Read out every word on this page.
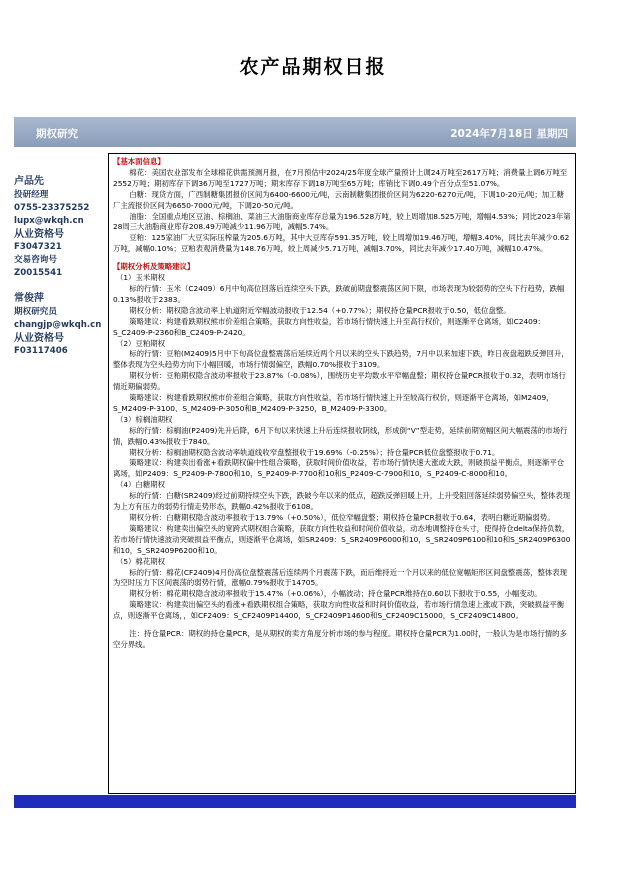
农产品期权日报
期权研究	2024年7月18日 星期四
卢品先
投研经理
0755-23375252
lupx@wkqh.cn
从业资格号
F3047321
交易咨询号
Z0015541
常俊萍
期权研究员
changjp@wkqh.cn
从业资格号
F03117406
【基本面信息】

棉花：美国农业部发布全球棉花供需预测月报，在7月预估中2024/25年度全球产量预计上调24万吨至2617万吨；消费量上调6万吨至2552万吨；期初库存下调36万吨至1727万吨；期末库存下调18万吨至65万吨；库销比下调0.49个百分点至51.07%。

白糖：现货方面，广西制糖集团报价区间为6400-6600元/吨，云南制糖集团报价区间为6220-6270元/吨，下调10-20元/吨；加工糖厂主流报价区间为6650-7000元/吨，下调20-50元/吨。

油脂：全国重点地区豆油、棕榈油、菜油三大油脂商业库存总量为196.528万吨，较上周增加8.525万吨，增幅4.53%；同比2023年第28周三大油脂商业库存208.49万吨减少11.96万吨，减幅5.74%。

豆粕：125家油厂大豆实际压榨量为205.6万吨，其中大豆库存591.35万吨，较上周增加19.46万吨，增幅3.40%，同比去年减少0.62万吨，减幅0.10%；豆粕表观消费量为148.76万吨，较上周减少5.71万吨，减幅3.70%，同比去年减少17.40万吨，减幅10.47%。

【期权分析及策略建议】
（1）玉米期权

标的行情：玉米（C2409）6月中旬高位回落后连续空头下跌，跌破前期盘整震荡区间下限，市场表现为较弱势的空头下行趋势，跌幅0.13%报收于2383。

期权分析：期权隐含波动率上轨道附近窄幅波动报收于12.54（+0.77%）；期权持仓量PCR报收于0.50，低位盘整。

策略建议：构建看跌期权熊市价差组合策略，获取方向性收益，若市场行情快速上升至高行权价，则逐渐平仓离场，如C2409：S_C2409-P-2360和B_C2409-P-2420。

（2）豆粕期权

标的行情：豆粕(M2409)5月中下旬高位盘整震荡后延续近两个月以来的空头下跌趋势，7月中以来加速下跌，昨日夜盘超跌反弹回升，整体表现为空头趋势方向下小幅回暖，市场行情弱偏空，跌幅0.70%报收于3109。

期权分析：豆粕期权隐含波动率报收于23.87%（-0.08%），围绕历史平均数水平窄幅盘整；期权持仓量PCR报收于0.32，表明市场行情近期偏弱势。

策略建议：构建看跌期权熊市价差组合策略，获取方向性收益，若市场行情快速上升至较高行权价，则逐渐平仓离场，如M2409，S_M2409-P-3100、S_M2409-P-3050和B_M2409-P-3250，B_M2409-P-3300。

（3）棕榈油期权

标的行情：棕榈油(P2409)先升后降，6月下旬以来快速上升后连续报收阴线，形成倒“V”型走势，延续前期宽幅区间大幅震荡的市场行情，跌幅0.43%报收于7840。

期权分析：棕榈油期权隐含波动率轨道线收窄盘整报收于19.69%（-0.25%）；持仓量PCR低位盘整报收于0.71。

策略建议：构建卖出看涨+看跌期权偏中性组合策略，获取时间价值收益，若市场行情快速大涨或大跌，则破损益平衡点，则逐渐平仓离场，如P2409：S_P2409-P-7800和10，S_P2409-P-7700和10和S_P2409-C-7900和10，S_P2409-C-8000和10。

（4）白糖期权

标的行情：白糖(SR2409)经过前期持续空头下跌，跌破今年以来的低点，超跌反弹回暖上升，上升受阻回落延续弱势偏空头，整体表现为上方有压力的弱势行情走势形态，跌幅0.42%报收于6108。

期权分析：白糖期权隐含波动率报收于13.79%（+0.50%），低位窄幅盘整；期权持仓量PCR报收于0.64，表明白糖近期偏弱势。

策略建议：构建卖出偏空头的宽跨式期权组合策略，获取方向性收益和时间价值收益，动态地调整持仓头寸，使得持仓delta保持负数，若市场行情快速波动突破损益平衡点，则逐渐平仓离场，如SR2409：S_SR2409P6000和10，S_SR2409P6100和10和S_SR2409P6300和10，S_SR2409P6200和10。

（5）棉花期权

标的行情：棉花(CF2409)4月份高位盘整震荡后连续两个月震荡下跌，而后维持近一个月以来的低位宽幅矩形区间盘整震荡，整体表现为空时压力下区间震荡的弱势行情，涨幅0.79%报收于14705。

期权分析：棉花期权隐含波动率报收于15.47%（+0.06%），小幅波动；持仓量PCR维持在0.60以下报收于0.55，小幅变动。

策略建议：构建卖出偏空头的看涨+看跌期权组合策略，获取方向性收益和时间价值收益，若市场行情急速上涨或下跌，突破损益平衡点，则逐渐平仓离场，，如CF2409：S_CF2409P14400，S_CF2409P14600和S_CF2409C15000，S_CF2409C14800。

注：持仓量PCR：期权的持仓量PCR，是从期权的卖方角度分析市场的参与程度。期权持仓量PCR为1.00时，一般认为是市场行情的多空分界线。
